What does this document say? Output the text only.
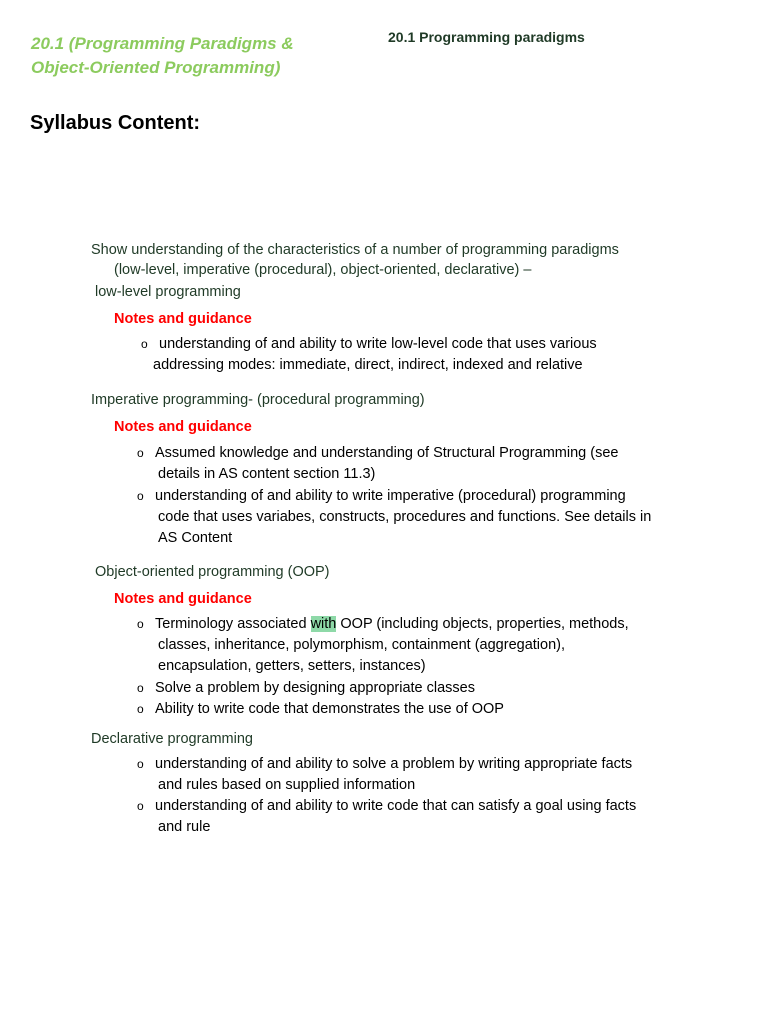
20.1 (Programming Paradigms &
Object-Oriented Programming)
20.1 Programming paradigms
Syllabus Content:
Show understanding of the characteristics of a number of programming paradigms
(low-level, imperative (procedural), object-oriented, declarative) –
low-level programming
Notes and guidance
o understanding of and ability to write low-level code that uses various
addressing modes: immediate, direct, indirect, indexed and relative
Imperative programming- (procedural programming)
Notes and guidance
o Assumed knowledge and understanding of Structural Programming (see
details in AS content section 11.3)
o understanding of and ability to write imperative (procedural) programming
code that uses variabes, constructs, procedures and functions. See details in
AS Content
Object-oriented programming (OOP)
Notes and guidance
o Terminology associated with OOP (including objects, properties, methods,
classes, inheritance, polymorphism, containment (aggregation),
encapsulation, getters, setters, instances)
o Solve a problem by designing appropriate classes
o Ability to write code that demonstrates the use of OOP
Declarative programming
o understanding of and ability to solve a problem by writing appropriate facts
and rules based on supplied information
o understanding of and ability to write code that can satisfy a goal using facts
and rule
